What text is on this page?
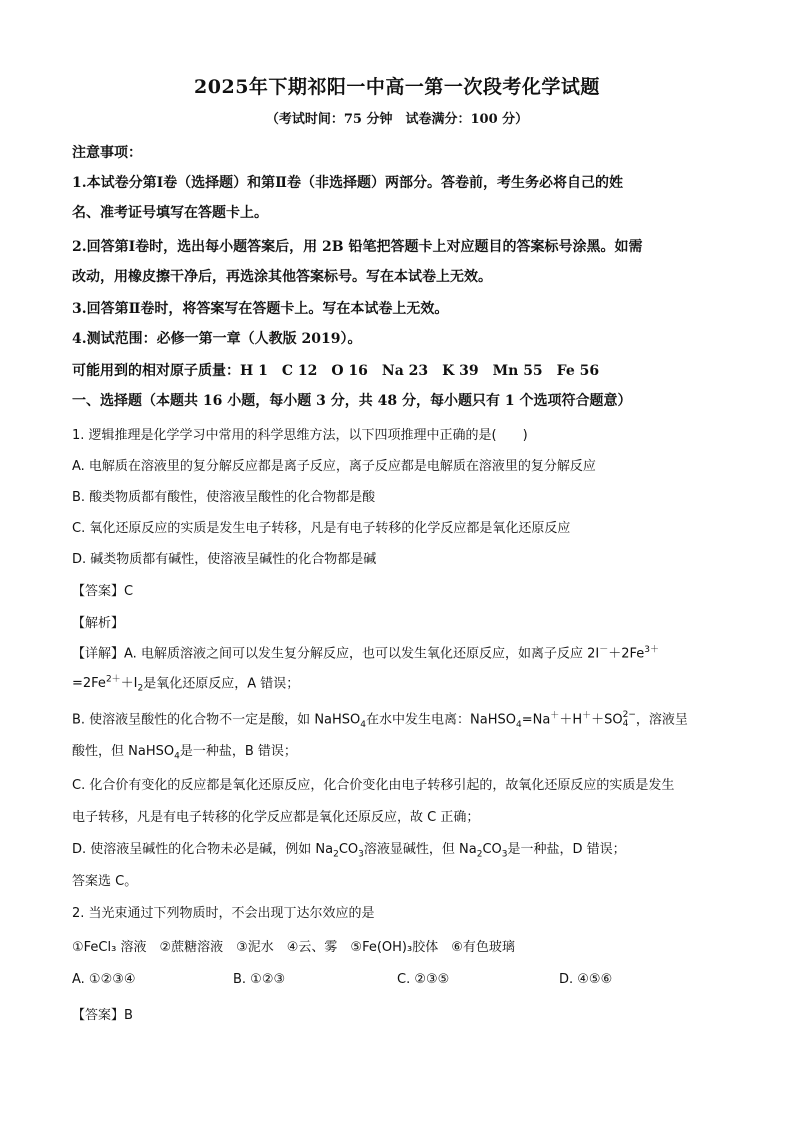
2025年下期祁阳一中高一第一次段考化学试题
（考试时间：75 分钟　试卷满分：100 分）
注意事项：
1.本试卷分第Ⅰ卷（选择题）和第Ⅱ卷（非选择题）两部分。答卷前，考生务必将自己的姓
名、准考证号填写在答题卡上。
2.回答第Ⅰ卷时，选出每小题答案后，用 2B 铅笔把答题卡上对应题目的答案标号涂黑。如需
改动，用橡皮擦干净后，再选涂其他答案标号。写在本试卷上无效。
3.回答第Ⅱ卷时，将答案写在答题卡上。写在本试卷上无效。
4.测试范围：必修一第一章（人教版 2019）。
可能用到的相对原子质量：H 1　C 12　O 16　Na 23　K 39　Mn 55　Fe 56
一、选择题（本题共 16 小题，每小题 3 分，共 48 分，每小题只有 1 个选项符合题意）
1. 逻辑推理是化学学习中常用的科学思维方法，以下四项推理中正确的是(　　)
A. 电解质在溶液里的复分解反应都是离子反应，离子反应都是电解质在溶液里的复分解反应
B. 酸类物质都有酸性，使溶液呈酸性的化合物都是酸
C. 氧化还原反应的实质是发生电子转移，凡是有电子转移的化学反应都是氧化还原反应
D. 碱类物质都有碱性，使溶液呈碱性的化合物都是碱
【答案】C
【解析】
【详解】A. 电解质溶液之间可以发生复分解反应，也可以发生氧化还原反应，如离子反应 $2I^-+2Fe^{3+}$
$=2Fe^{2+}+I_2$是氧化还原反应，A 错误；
B. 使溶液呈酸性的化合物不一定是酸，如 NaHSO$_4$在水中发生电离：NaHSO$_4$=Na＋＋H＋＋SO 2−
4 ，溶液呈
酸性，但 NaHSO$_4$是一种盐，B 错误；
C. 化合价有变化的反应都是氧化还原反应，化合价变化由电子转移引起的，故氧化还原反应的实质是发生
电子转移，凡是有电子转移的化学反应都是氧化还原反应，故 C 正确；
D. 使溶液呈碱性的化合物未必是碱，例如 $Na_2CO_3$溶液显碱性，但 $Na_2CO_3$是一种盐，D 错误；
答案选 C。
2. 当光束通过下列物质时，不会出现丁达尔效应的是
①FeCl₃ 溶液　②蔗糖溶液　③泥水　④云、雾　⑤Fe(OH)₃胶体　⑥有色玻璃
A. ①②③④	B. ①②③	C. ②③⑤	D. ④⑤⑥
【答案】B
